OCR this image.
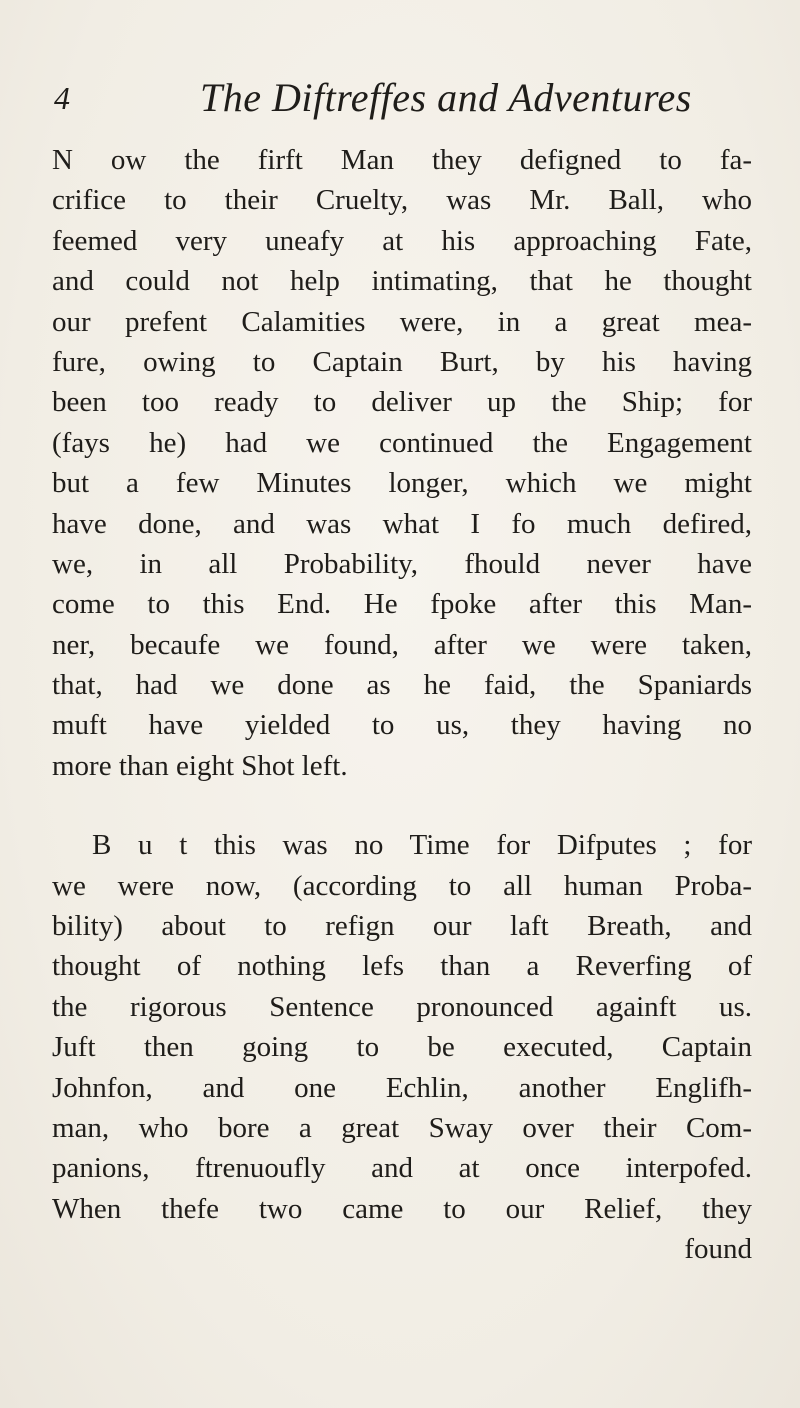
4	The Diftreffes and Adventures
N ow the firft Man they defigned to fa-
crifice to their Cruelty, was Mr. Ball, who
feemed very uneafy at his approaching Fate,
and could not help intimating, that he thought
our prefent Calamities were, in a great mea-
fure, owing to Captain Burt, by his having
been too ready to deliver up the Ship; for
(fays he) had we continued the Engagement
but a few Minutes longer, which we might
have done, and was what I fo much defired,
we, in all Probability, fhould never have
come to this End. He fpoke after this Man-
ner, becaufe we found, after we were taken,
that, had we done as he faid, the Spaniards
muft have yielded to us, they having no
more than eight Shot left.
B u t this was no Time for Difputes ; for
we were now, (according to all human Proba-
bility) about to refign our laft Breath, and
thought of nothing lefs than a Reverfing of
the rigorous Sentence pronounced againft us.
Juft then going to be executed, Captain
Johnfon, and one Echlin, another Englifh-
man, who bore a great Sway over their Com-
panions, ftrenuoufly and at once interpofed.
When thefe two came to our Relief, they
found
